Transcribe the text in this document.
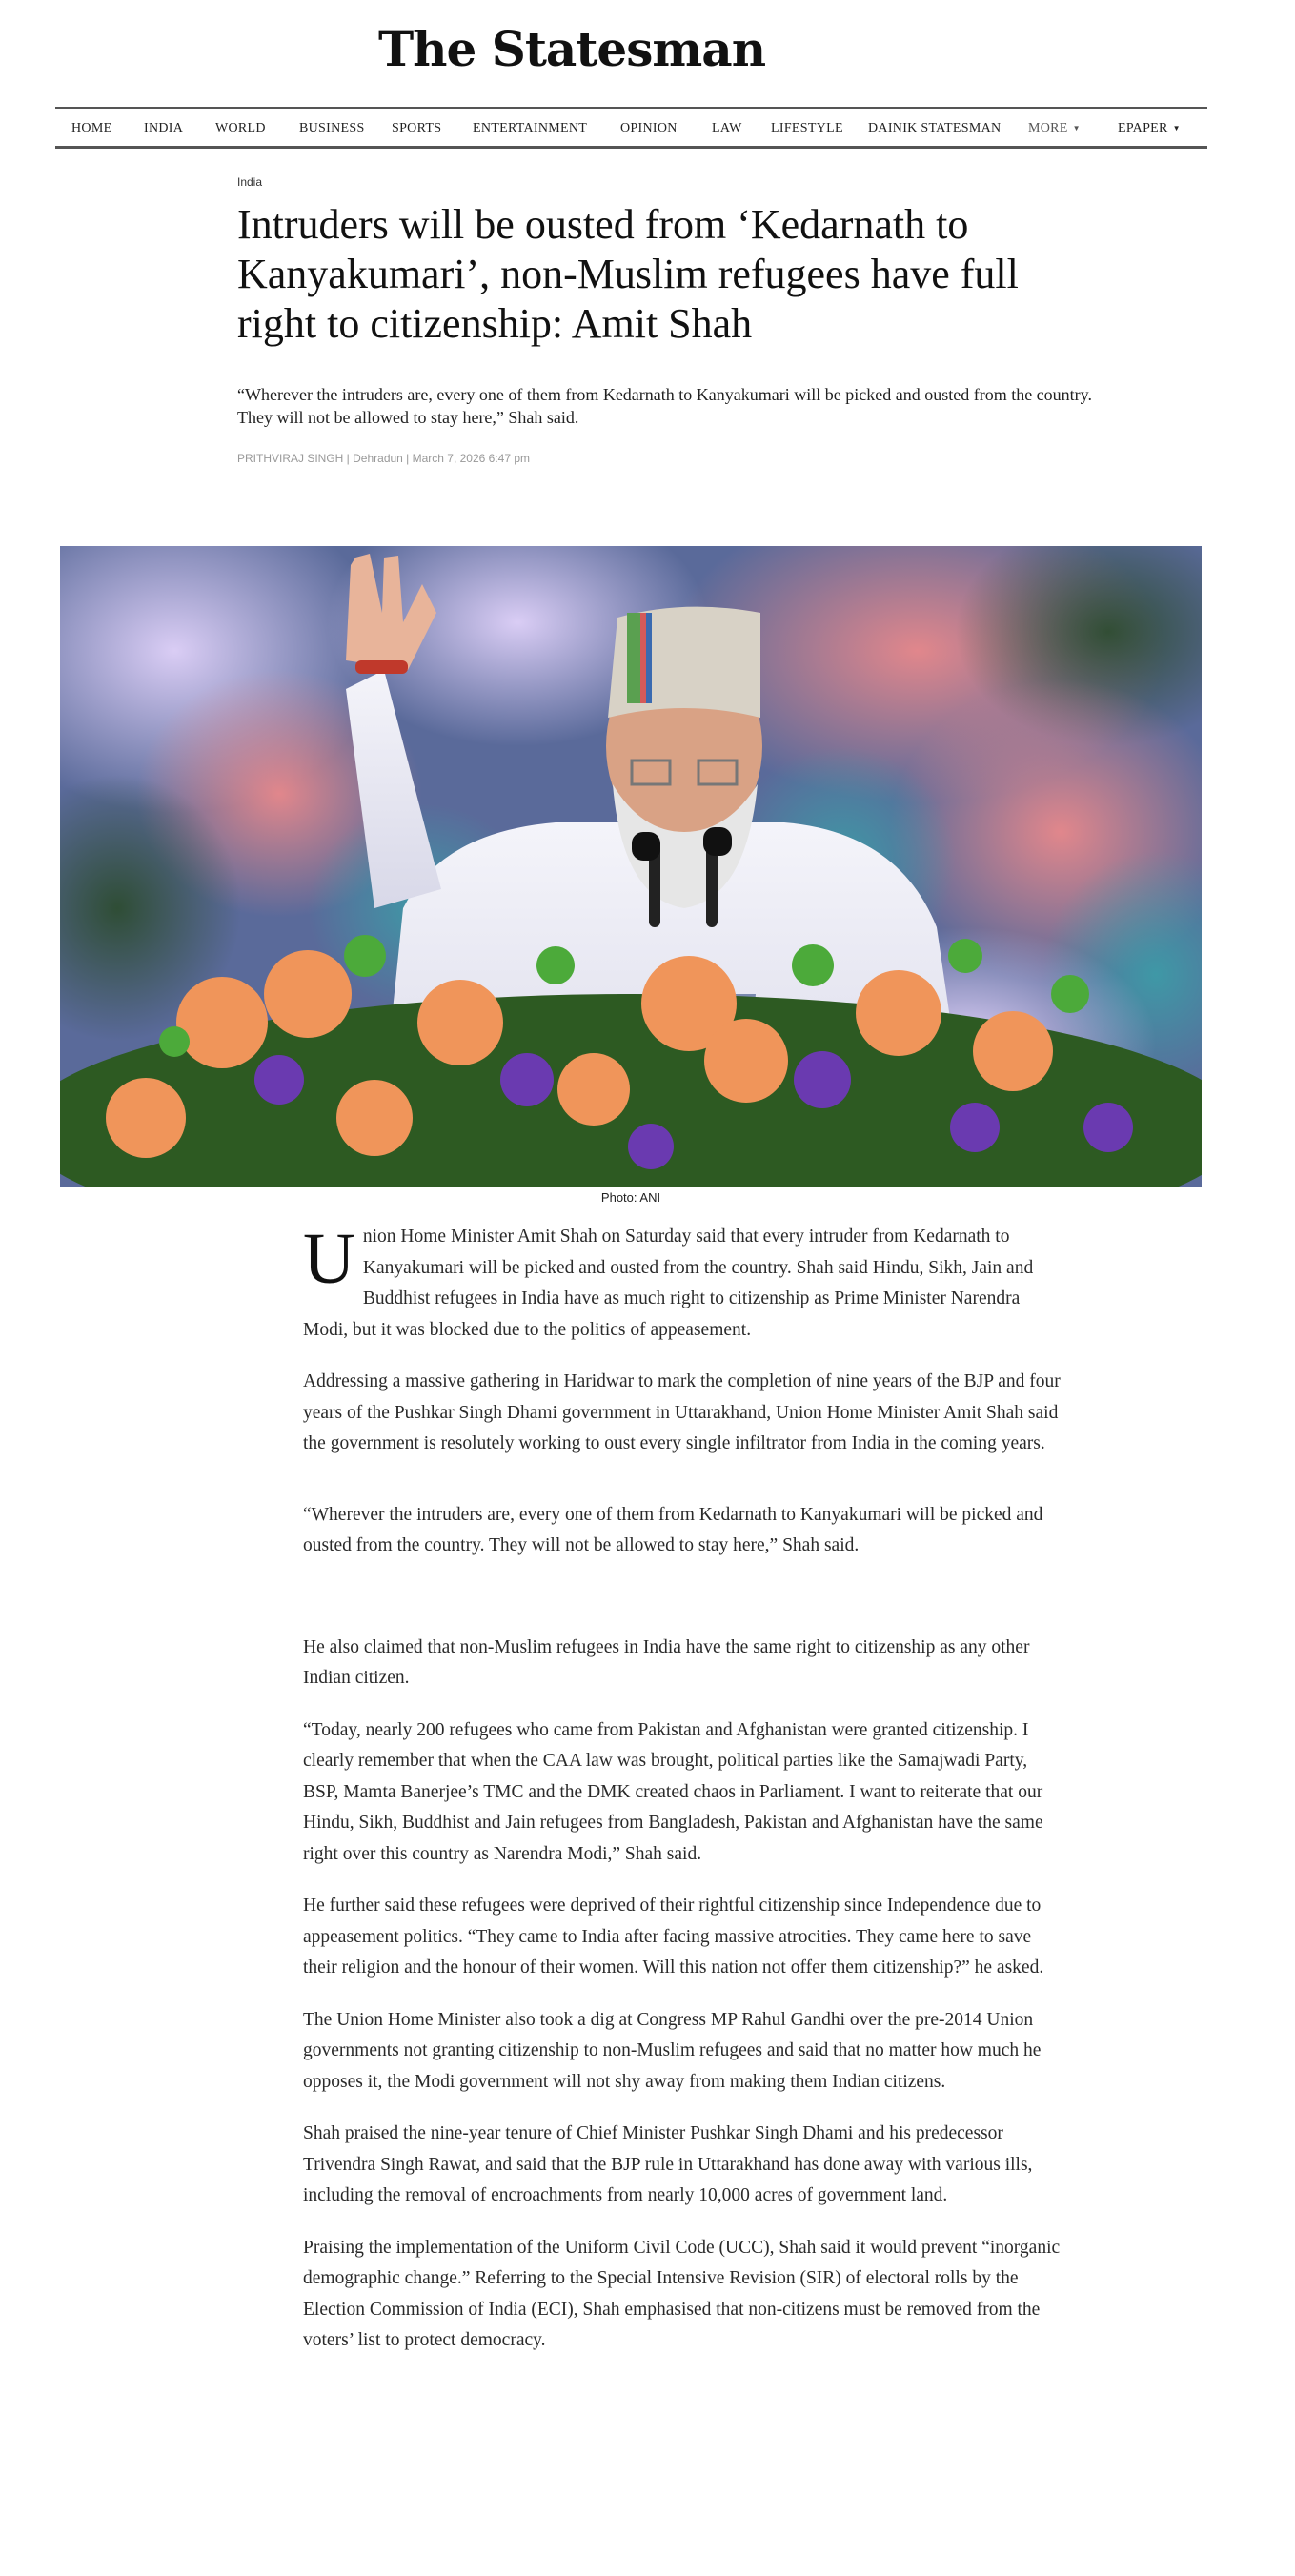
The Statesman
HOME INDIA WORLD	BUSINESS SPORTS ENTERTAINMENT OPINION	LAW LIFESTYLE DAINIK STATESMAN MORE ▼	EPAPER ▼
India
Intruders will be ousted from ‘Kedarnath to Kanyakumari’, non-Muslim refugees have full right to citizenship: Amit Shah

“Wherever the intruders are, every one of them from Kedarnath to Kanyakumari will be picked and ousted from the country. They will not be allowed to stay here,” Shah said.

PRITHVIRAJ SINGH | Dehradun | March 7, 2026 6:47 pm
Photo: ANI

Union Home Minister Amit Shah on Saturday said that every intruder from Kedarnath to Kanyakumari will be picked and ousted from the country. Shah said Hindu, Sikh, Jain and Buddhist refugees in India have as much right to citizenship as Prime Minister Narendra Modi, but it was blocked due to the politics of appeasement.

Addressing a massive gathering in Haridwar to mark the completion of nine years of the BJP and four years of the Pushkar Singh Dhami government in Uttarakhand, Union Home Minister Amit Shah said the government is resolutely working to oust every single infiltrator from India in the coming years.

“Wherever the intruders are, every one of them from Kedarnath to Kanyakumari will be picked and ousted from the country. They will not be allowed to stay here,” Shah said.

He also claimed that non-Muslim refugees in India have the same right to citizenship as any other Indian citizen.

“Today, nearly 200 refugees who came from Pakistan and Afghanistan were granted citizenship. I clearly remember that when the CAA law was brought, political parties like the Samajwadi Party, BSP, Mamta Banerjee’s TMC and the DMK created chaos in Parliament. I want to reiterate that our Hindu, Sikh, Buddhist and Jain refugees from Bangladesh, Pakistan and Afghanistan have the same right over this country as Narendra Modi,” Shah said.

He further said these refugees were deprived of their rightful citizenship since Independence due to appeasement politics. “They came to India after facing massive atrocities. They came here to save their religion and the honour of their women. Will this nation not offer them citizenship?” he asked.

The Union Home Minister also took a dig at Congress MP Rahul Gandhi over the pre-2014 Union governments not granting citizenship to non-Muslim refugees and said that no matter how much he opposes it, the Modi government will not shy away from making them Indian citizens.

Shah praised the nine-year tenure of Chief Minister Pushkar Singh Dhami and his predecessor Trivendra Singh Rawat, and said that the BJP rule in Uttarakhand has done away with various ills, including the removal of encroachments from nearly 10,000 acres of government land.

Praising the implementation of the Uniform Civil Code (UCC), Shah said it would prevent “inorganic demographic change.” Referring to the Special Intensive Revision (SIR) of electoral rolls by the Election Commission of India (ECI), Shah emphasised that non-citizens must be removed from the voters’ list to protect democracy.
